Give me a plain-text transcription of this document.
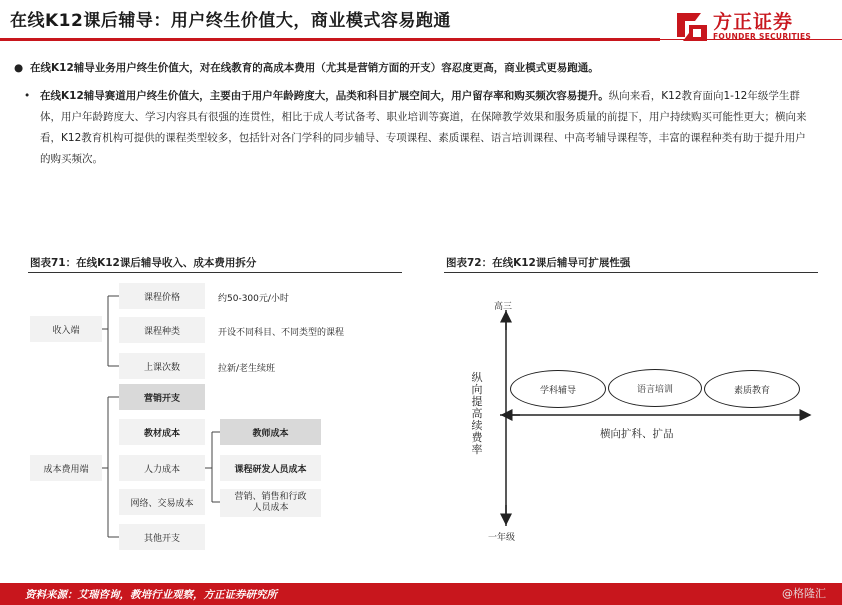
在线K12课后辅导：用户终生价值大，商业模式容易跑通	方正证券
FOUNDER SECURITIES
● 在线K12辅导业务用户终生价值大，对在线教育的高成本费用（尤其是营销方面的开支）容忍度更高，商业模式更易跑通。
• 在线K12辅导赛道用户终生价值大，主要由于用户年龄跨度大，品类和科目扩展空间大，用户留存率和购买频次容易提升。纵向来看，K12教育面向1-12年级学生群体，用户年龄跨度大、学习内容具有很强的连贯性，相比于成人考试备考、职业培训等赛道，在保障教学效果和服务质量的前提下，用户持续购买可能性更大；横向来看，K12教育机构可提供的课程类型较多，包括针对各门学科的同步辅导、专项课程、素质课程、语言培训课程、中高考辅导课程等，丰富的课程种类有助于提升用户的购买频次。
图表71：在线K12课后辅导收入、成本费用拆分
收入端
课程价格
课程种类
上课次数
约50-300元/小时
开设不同科目、不同类型的课程
拉新/老生续班
成本费用端
营销开支
教材成本
人力成本
网络、交易成本
其他开支
教师成本
课程研发人员成本
营销、销售和行政人员成本
图表72：在线K12课后辅导可扩展性强
高三
一年级
纵向提高续费率
横向扩科、扩品
学科辅导	语言培训	素质教育
资料来源：艾瑞咨询，教培行业观察，方正证券研究所	@格隆汇
